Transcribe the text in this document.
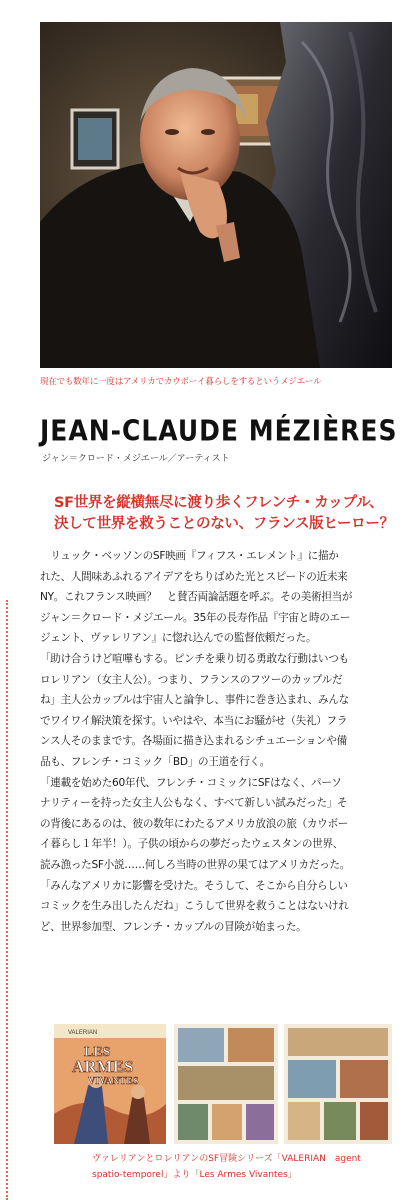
現在でも数年に一度はアメリカでカウボーイ暮らしをするというメジエール
JEAN-CLAUDE MÉZIÈRES
ジャン＝クロード・メジエール／アーティスト
SF世界を縦横無尽に渡り歩くフレンチ・カップル、
決して世界を救うことのない、フランス版ヒーロー？
　リュック・ベッソンのSF映画『フィフス・エレメント』に描か
れた、人間味あふれるアイデアをちりばめた光とスピードの近未来
NY。これフランス映画？　と賛否両論話題を呼ぶ。その美術担当が
ジャン＝クロード・メジエール。35年の長寿作品『宇宙と時のエー
ジェント、ヴァレリアン』に惚れ込んでの監督依頼だった。
「助け合うけど喧嘩もする。ピンチを乗り切る勇敢な行動はいつも
ロレリアン（女主人公）。つまり、フランスのフツーのカップルだ
ね」主人公カップルは宇宙人と論争し、事件に巻き込まれ、みんな
でワイワイ解決策を探す。いやはや、本当にお騒がせ（失礼）フラ
ンス人そのままです。各場面に描き込まれるシチュエーションや備
品も、フレンチ・コミック「BD」の王道を行く。
「連載を始めた60年代、フレンチ・コミックにSFはなく、パーソ
ナリティーを持った女主人公もなく、すべて新しい試みだった」そ
の背後にあるのは、彼の数年にわたるアメリカ放浪の旅（カウボー
イ暮らし１年半！）。子供の頃からの夢だったウェスタンの世界、
読み漁ったSF小説……何しろ当時の世界の果てはアメリカだった。
「みんなアメリカに影響を受けた。そうして、そこから自分らしい
コミックを生み出したんだね」こうして世界を救うことはないけれ
ど、世界参加型、フレンチ・カップルの冒険が始まった。
VALERIAN
LES
ARMES
VIVANTES
ヴァレリアンとロレリアンのSF冒険シリーズ「VALERIAN　agent
spatio-temporel」より「Les Armes Vivantes」
